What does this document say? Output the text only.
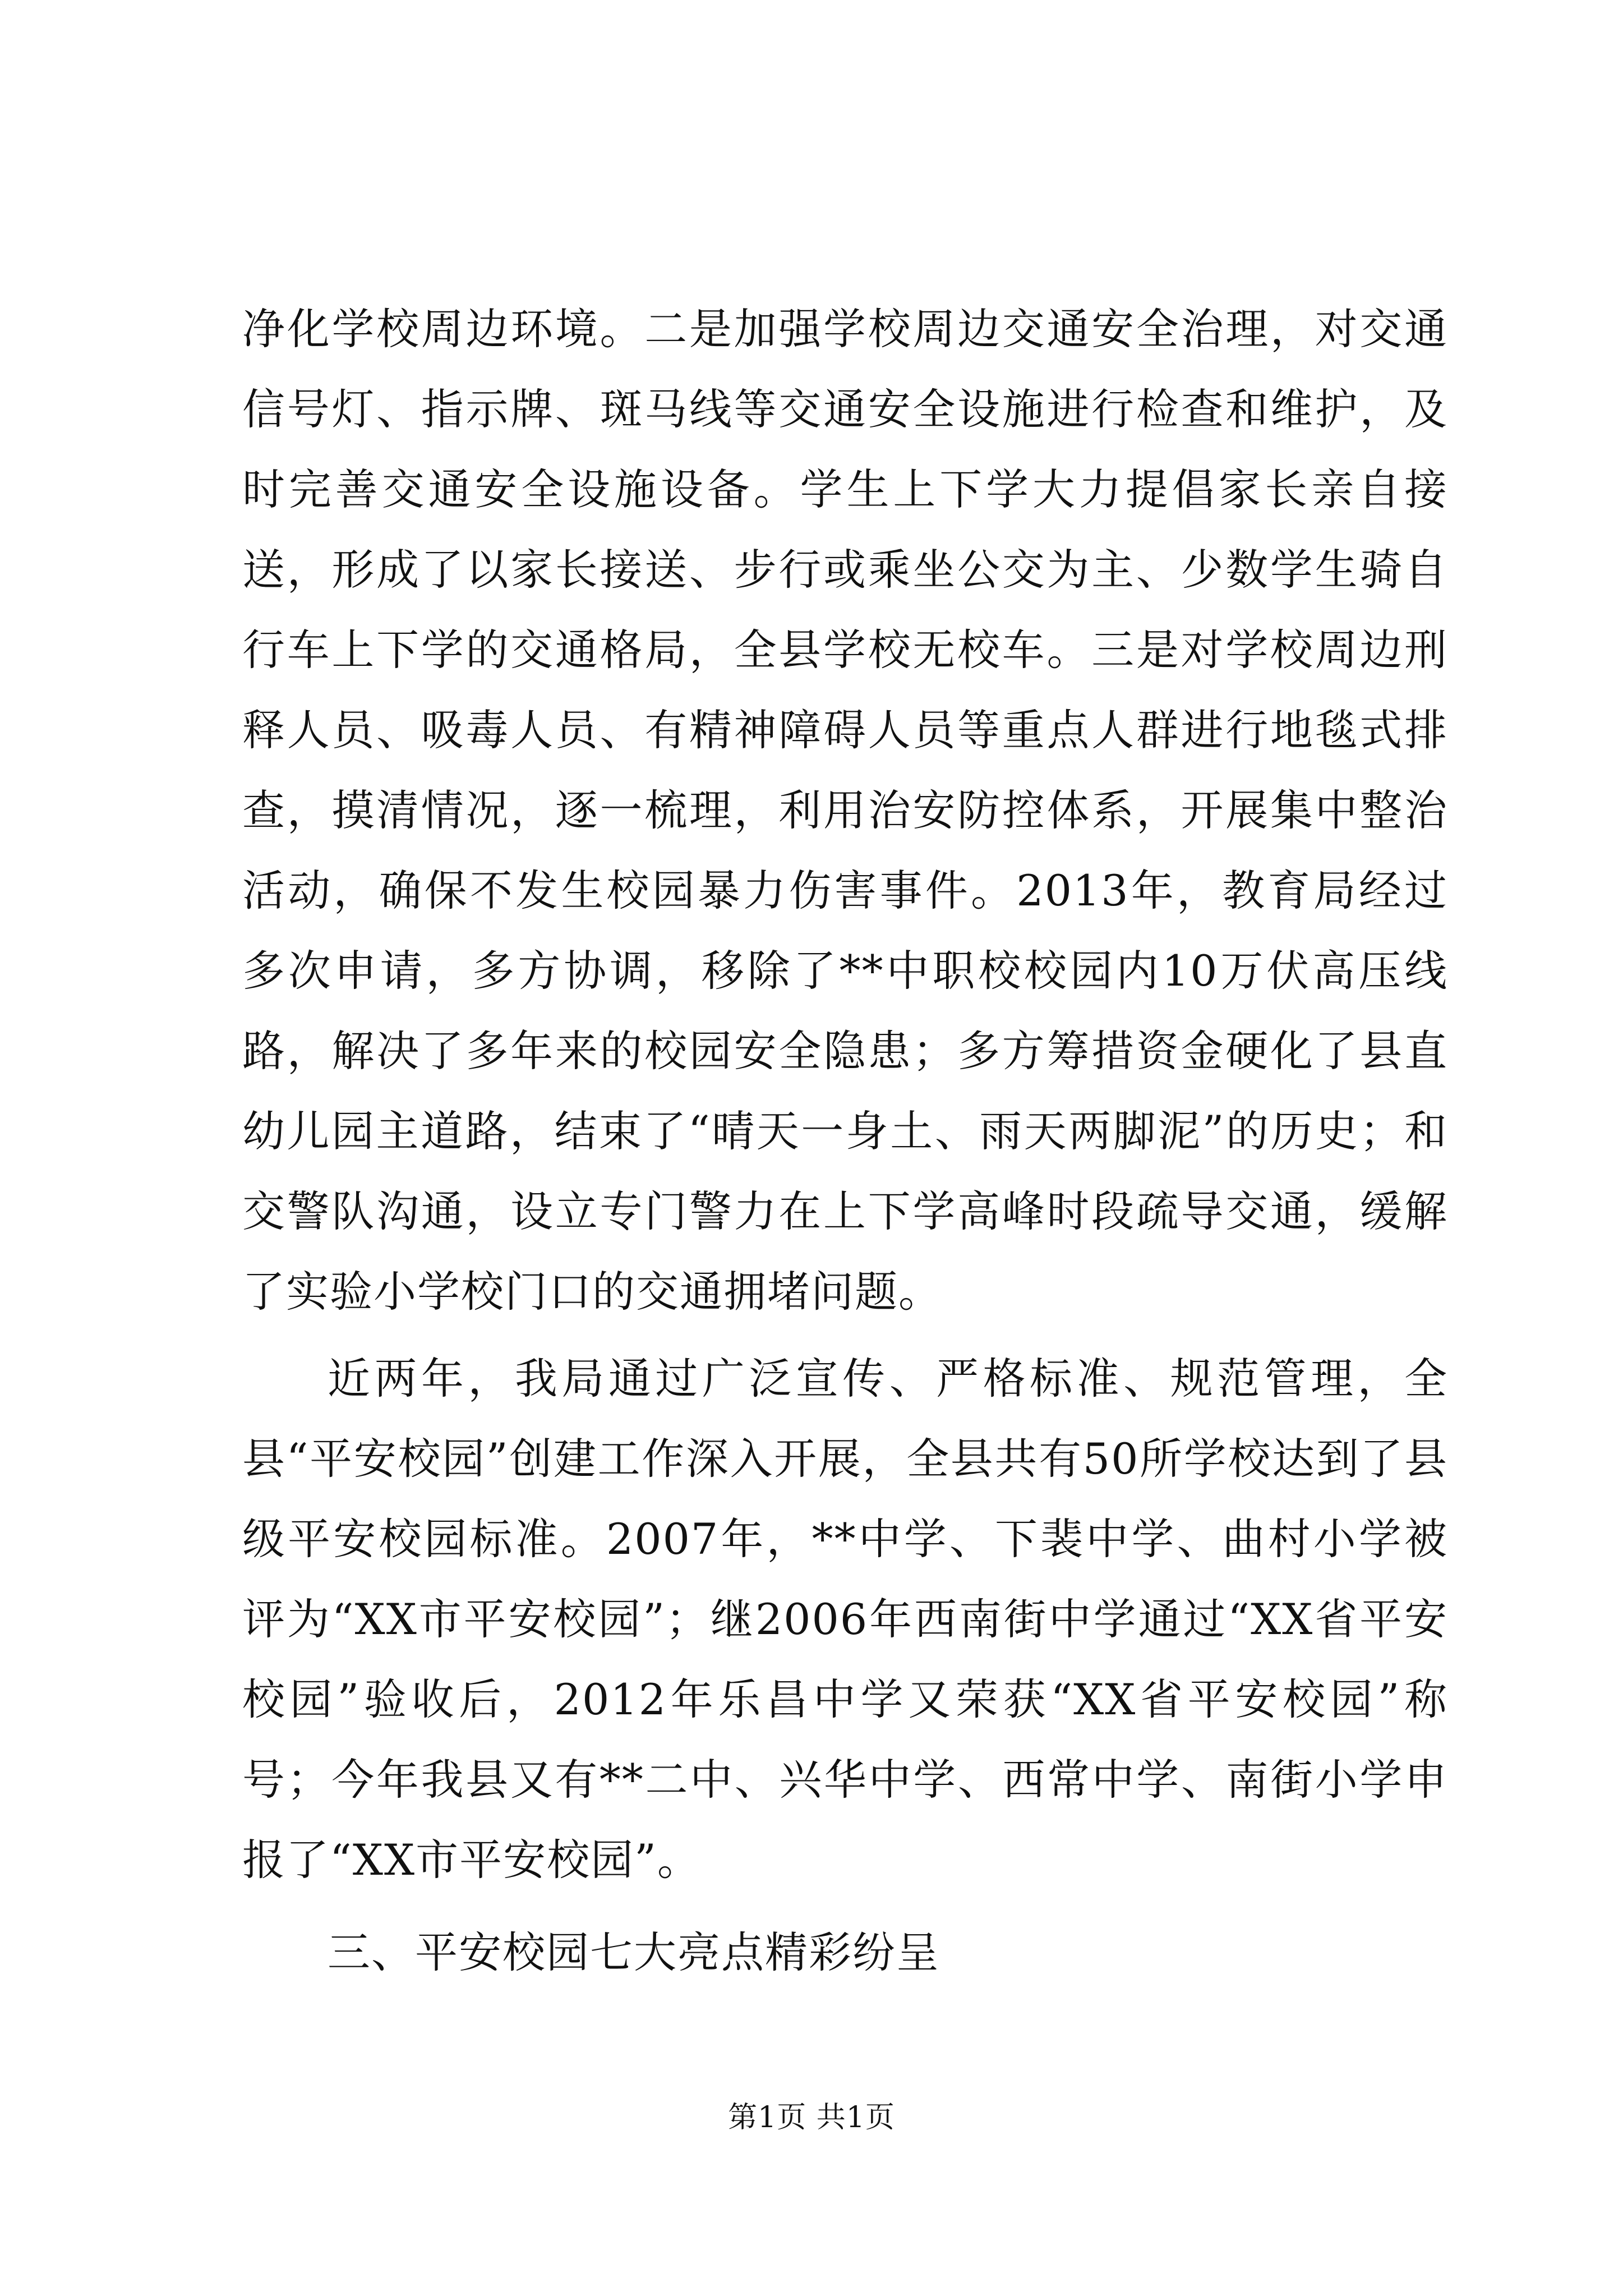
净化学校周边环境。二是加强学校周边交通安全治理，对交通信号灯、指示牌、斑马线等交通安全设施进行检查和维护，及时完善交通安全设施设备。学生上下学大力提倡家长亲自接送，形成了以家长接送、步行或乘坐公交为主、少数学生骑自行车上下学的交通格局，全县学校无校车。三是对学校周边刑释人员、吸毒人员、有精神障碍人员等重点人群进行地毯式排查，摸清情况，逐一梳理，利用治安防控体系，开展集中整治活动，确保不发生校园暴力伤害事件。2013年，教育局经过多次申请，多方协调，移除了**中职校校园内10万伏高压线路，解决了多年来的校园安全隐患；多方筹措资金硬化了县直幼儿园主道路，结束了“晴天一身土、雨天两脚泥”的历史；和交警队沟通，设立专门警力在上下学高峰时段疏导交通，缓解了实验小学校门口的交通拥堵问题。

近两年，我局通过广泛宣传、严格标准、规范管理，全县“平安校园”创建工作深入开展，全县共有50所学校达到了县级平安校园标准。2007年，**中学、下裴中学、曲村小学被评为“XX市平安校园”；继2006年西南街中学通过“XX省平安校园”验收后，2012年乐昌中学又荣获“XX省平安校园”称号；今年我县又有**二中、兴华中学、西常中学、南街小学申报了“XX市平安校园”。

三、平安校园七大亮点精彩纷呈

第1页 共1页
